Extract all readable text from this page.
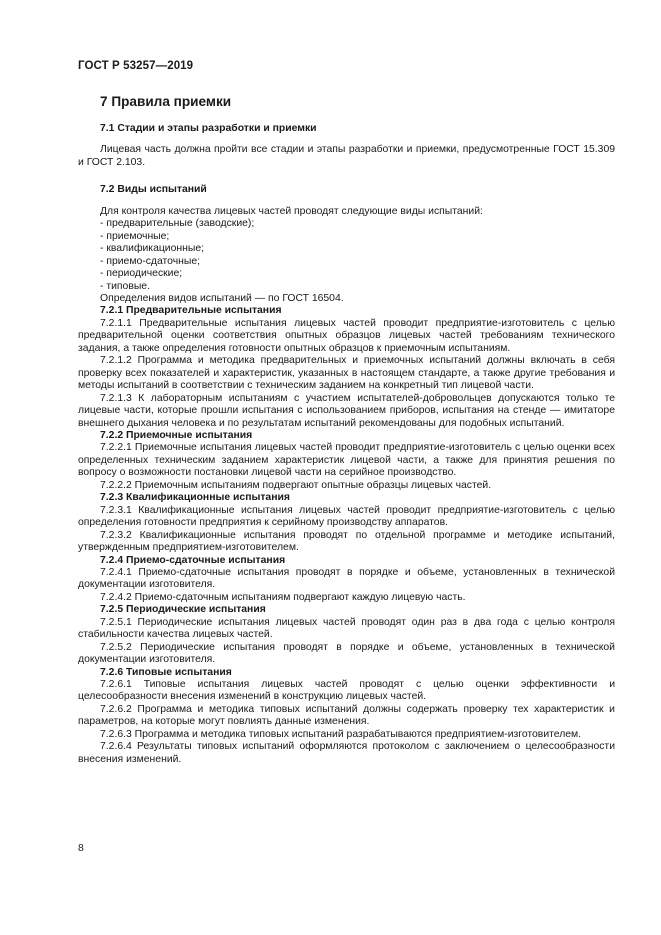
ГОСТ Р 53257—2019
7 Правила приемки
7.1 Стадии и этапы разработки и приемки

Лицевая часть должна пройти все стадии и этапы разработки и приемки, предусмотренные ГОСТ 15.309 и ГОСТ 2.103.

7.2 Виды испытаний

Для контроля качества лицевых частей проводят следующие виды испытаний:

- предварительные (заводские);
- приемочные;
- квалификационные;
- приемо-сдаточные;
- периодические;
- типовые.

Определения видов испытаний — по ГОСТ 16504.

7.2.1 Предварительные испытания

7.2.1.1 Предварительные испытания лицевых частей проводит предприятие-изготовитель с целью предварительной оценки соответствия опытных образцов лицевых частей требованиям технического задания, а также определения готовности опытных образцов к приемочным испытаниям.

7.2.1.2 Программа и методика предварительных и приемочных испытаний должны включать в себя проверку всех показателей и характеристик, указанных в настоящем стандарте, а также другие требования и методы испытаний в соответствии с техническим заданием на конкретный тип лицевой части.

7.2.1.3 К лабораторным испытаниям с участием испытателей-добровольцев допускаются только те лицевые части, которые прошли испытания с использованием приборов, испытания на стенде — имитаторе внешнего дыхания человека и по результатам испытаний рекомендованы для подобных испытаний.

7.2.2 Приемочные испытания

7.2.2.1 Приемочные испытания лицевых частей проводит предприятие-изготовитель с целью оценки всех определенных техническим заданием характеристик лицевой части, а также для принятия решения по вопросу о возможности постановки лицевой части на серийное производство.

7.2.2.2 Приемочным испытаниям подвергают опытные образцы лицевых частей.

7.2.3 Квалификационные испытания

7.2.3.1 Квалификационные испытания лицевых частей проводит предприятие-изготовитель с целью определения готовности предприятия к серийному производству аппаратов.

7.2.3.2 Квалификационные испытания проводят по отдельной программе и методике испытаний, утвержденным предприятием-изготовителем.

7.2.4 Приемо-сдаточные испытания

7.2.4.1 Приемо-сдаточные испытания проводят в порядке и объеме, установленных в технической документации изготовителя.

7.2.4.2 Приемо-сдаточным испытаниям подвергают каждую лицевую часть.

7.2.5 Периодические испытания

7.2.5.1 Периодические испытания лицевых частей проводят один раз в два года с целью контроля стабильности качества лицевых частей.

7.2.5.2 Периодические испытания проводят в порядке и объеме, установленных в технической документации изготовителя.

7.2.6 Типовые испытания

7.2.6.1 Типовые испытания лицевых частей проводят с целью оценки эффективности и целесообразности внесения изменений в конструкцию лицевых частей.

7.2.6.2 Программа и методика типовых испытаний должны содержать проверку тех характеристик и параметров, на которые могут повлиять данные изменения.

7.2.6.3 Программа и методика типовых испытаний разрабатываются предприятием-изготовителем.

7.2.6.4 Результаты типовых испытаний оформляются протоколом с заключением о целесообразности внесения изменений.

8
